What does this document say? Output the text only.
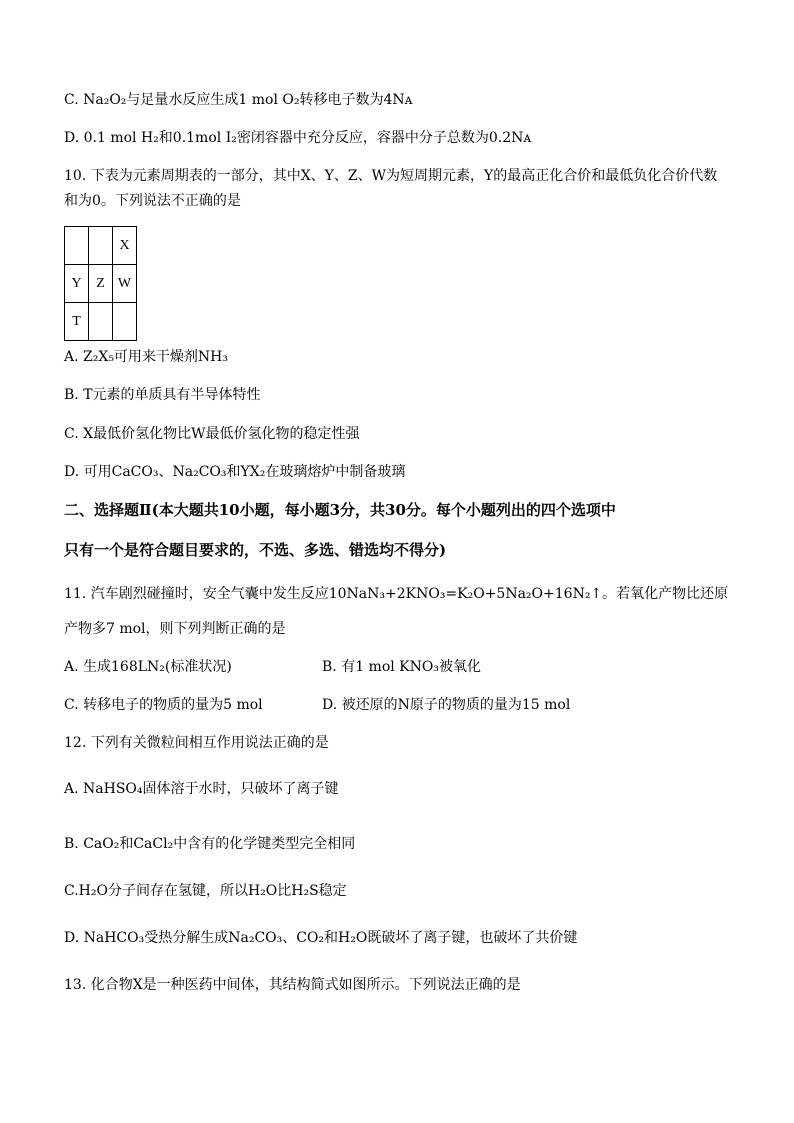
C. Na₂O₂与足量水反应生成1 mol O₂转移电子数为4Nᴀ
D. 0.1 mol H₂和0.1mol I₂密闭容器中充分反应，容器中分子总数为0.2Nᴀ
10. 下表为元素周期表的一部分，其中X、Y、Z、W为短周期元素，Y的最高正化合价和最低负化合价代数
和为0。下列说法不正确的是
		X
Y	Z	W
T		
A. Z₂X₅可用来干燥剂NH₃
B. T元素的单质具有半导体特性
C. X最低价氢化物比W最低价氢化物的稳定性强
D. 可用CaCO₃、Na₂CO₃和YX₂在玻璃熔炉中制备玻璃
二、选择题Ⅱ(本大题共10小题，每小题3分，共30分。每个小题列出的四个选项中
只有一个是符合题目要求的，不选、多选、错选均不得分)
11. 汽车剧烈碰撞时，安全气囊中发生反应10NaN₃+2KNO₃=K₂O+5Na₂O+16N₂↑。若氧化产物比还原
产物多7 mol，则下列判断正确的是
A. 生成168LN₂(标准状况)	B. 有1 mol KNO₃被氧化
C. 转移电子的物质的量为5 mol	D. 被还原的N原子的物质的量为15 mol
12. 下列有关微粒间相互作用说法正确的是
A. NaHSO₄固体溶于水时，只破坏了离子键
B. CaO₂和CaCl₂中含有的化学键类型完全相同
C.H₂O分子间存在氢键，所以H₂O比H₂S稳定
D. NaHCO₃受热分解生成Na₂CO₃、CO₂和H₂O既破坏了离子键，也破坏了共价键
13. 化合物X是一种医药中间体，其结构简式如图所示。下列说法正确的是
